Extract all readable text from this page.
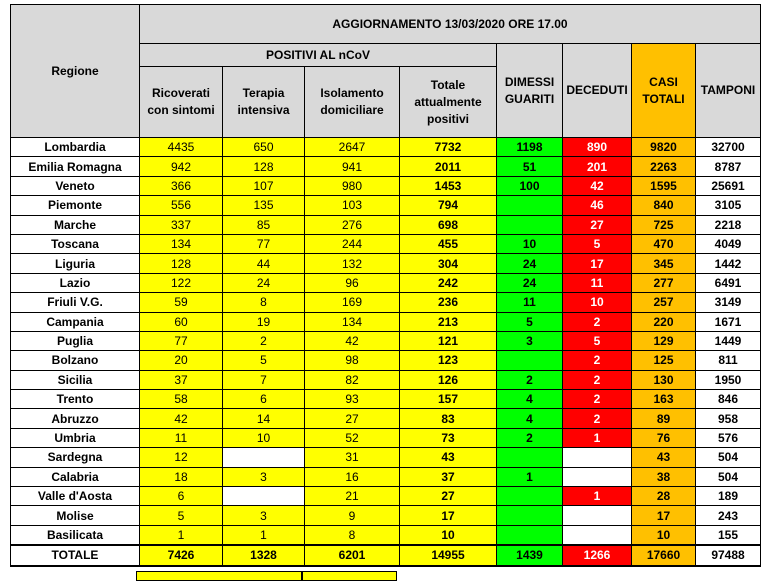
Regione	AGGIORNAMENTO 13/03/2020 ORE 17.00							
	POSITIVI AL nCoV				DIMESSI GUARITI	DECEDUTI	CASI TOTALI	TAMPONI
	Ricoverati con sintomi	Terapia intensiva	Isolamento domiciliare	Totale attualmente positivi				
Lombardia	4435	650	2647	7732	1198	890	9820	32700
Emilia Romagna	942	128	941	2011	51	201	2263	8787
Veneto	366	107	980	1453	100	42	1595	25691
Piemonte	556	135	103	794		46	840	3105
Marche	337	85	276	698		27	725	2218
Toscana	134	77	244	455	10	5	470	4049
Liguria	128	44	132	304	24	17	345	1442
Lazio	122	24	96	242	24	11	277	6491
Friuli V.G.	59	8	169	236	11	10	257	3149
Campania	60	19	134	213	5	2	220	1671
Puglia	77	2	42	121	3	5	129	1449
Bolzano	20	5	98	123		2	125	811
Sicilia	37	7	82	126	2	2	130	1950
Trento	58	6	93	157	4	2	163	846
Abruzzo	42	14	27	83	4	2	89	958
Umbria	11	10	52	73	2	1	76	576
Sardegna	12		31	43			43	504
Calabria	18	3	16	37	1		38	504
Valle d'Aosta	6		21	27		1	28	189
Molise	5	3	9	17			17	243
Basilicata	1	1	8	10			10	155
TOTALE	7426	1328	6201	14955	1439	1266	17660	97488
